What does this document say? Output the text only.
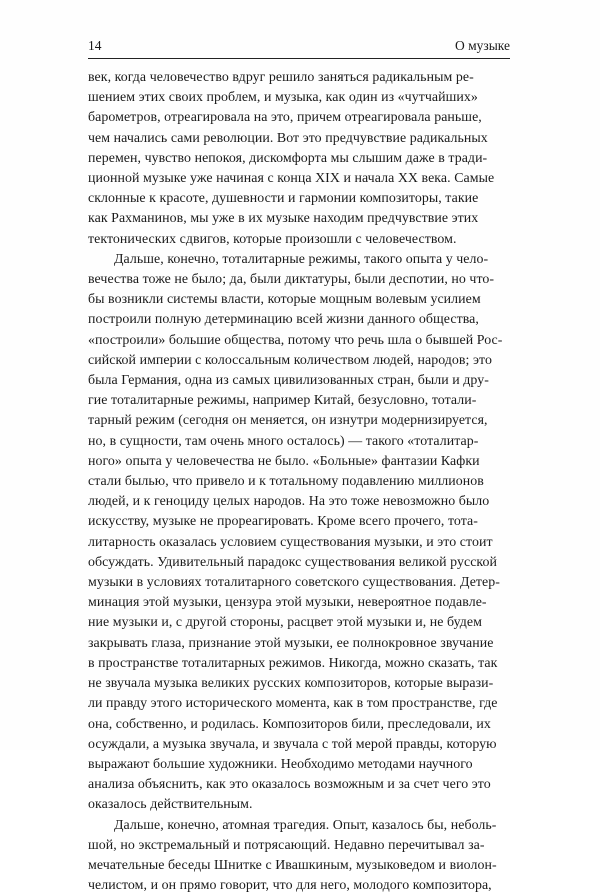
14	О музыке

век, когда человечество вдруг решило заняться радикальным ре-
шением этих своих проблем, и музыка, как один из «чутчайших»
барометров, отреагировала на это, причем отреагировала раньше,
чем начались сами революции. Вот это предчувствие радикальных
перемен, чувство непокоя, дискомфорта мы слышим даже в тради-
ционной музыке уже начиная с конца XIX и начала XX века. Самые
склонные к красоте, душевности и гармонии композиторы, такие
как Рахманинов, мы уже в их музыке находим предчувствие этих
тектонических сдвигов, которые произошли с человечеством.

Дальше, конечно, тоталитарные режимы, такого опыта у чело-
вечества тоже не было; да, были диктатуры, были деспотии, но что-
бы возникли системы власти, которые мощным волевым усилием
построили полную детерминацию всей жизни данного общества,
«построили» большие общества, потому что речь шла о бывшей Рос-
сийской империи с колоссальным количеством людей, народов; это
была Германия, одна из самых цивилизованных стран, были и дру-
гие тоталитарные режимы, например Китай, безусловно, тотали-
тарный режим (сегодня он меняется, он изнутри модернизируется,
но, в сущности, там очень много осталось) — такого «тоталитар-
ного» опыта у человечества не было. «Больные» фантазии Кафки
стали былью, что привело и к тотальному подавлению миллионов
людей, и к геноциду целых народов. На это тоже невозможно было
искусству, музыке не прореагировать. Кроме всего прочего, тота-
литарность оказалась условием существования музыки, и это стоит
обсуждать. Удивительный парадокс существования великой русской
музыки в условиях тоталитарного советского существования. Детер-
минация этой музыки, цензура этой музыки, невероятное подавле-
ние музыки и, с другой стороны, расцвет этой музыки и, не будем
закрывать глаза, признание этой музыки, ее полнокровное звучание
в пространстве тоталитарных режимов. Никогда, можно сказать, так
не звучала музыка великих русских композиторов, которые вырази-
ли правду этого исторического момента, как в том пространстве, где
она, собственно, и родилась. Композиторов били, преследовали, их
осуждали, а музыка звучала, и звучала с той мерой правды, которую
выражают большие художники. Необходимо методами научного
анализа объяснить, как это оказалось возможным и за счет чего это
оказалось действительным.

Дальше, конечно, атомная трагедия. Опыт, казалось бы, неболь-
шой, но экстремальный и потрясающий. Недавно перечитывал за-
мечательные беседы Шнитке с Ивашкиным, музыковедом и виолон-
челистом, и он прямо говорит, что для него, молодого композитора,
